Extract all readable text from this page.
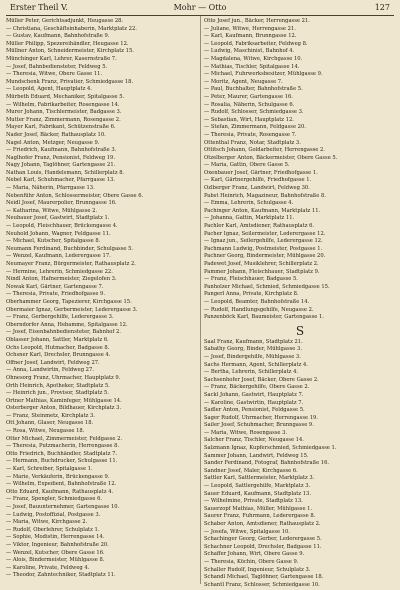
Erster Theil V.	Mohr — Otto	127
Müller Peter, Gerichtsadjunkt, Heugasse 28.
— Christiana, Geschäftsinhaberin, Marktplatz 22.
— Gustav, Kaufmann, Bahnhofstraße 9.
Müller Philipp, Spezereihändler, Heugasse 12.
Müllner Anton, Schneidermeister, Kirchplatz 15.
Münchinger Karl, Lehrer, Kasernstraße 7.
— Josef, Bahnbediensteter, Feldweg 5.
— Theresia, Witwe, Obere Gasse 11.
Mundschenk Franz, Privatier, Schmiedgasse 18.
— Leopold, Agent, Hauptplatz 4.
Mürbeth Eduard, Mechaniker, Spitalgasse 5.
— Wilhelm, Fabrikarbeiter, Rosengasse 14.
Murer Johann, Tischlermeister, Badgasse 3.
Mutter Franz, Zimmermann, Rosengasse 2.
Mayer Karl, Fabrikant, Schützenstraße 6.
Nader Josef, Bäcker, Rathausplatz 10.
Nagel Anton, Metzger, Neugasse 9.
— Friedrich, Kaufmann, Bahnhofstraße 3.
Naglhofer Franz, Pensionist, Feldweg 19.
Nagy Johann, Taglöhner, Gartengasse 21.
Nathan Louis, Handelsmann, Schillerplatz 8.
Nebel Karl, Schuhmacher, Pfarrgasse 13.
— Maria, Näherin, Pfarrgasse 13.
Nebenführ Anton, Schlossermeister, Obere Gasse 6.
Neidl Josef, Maurerpolier, Brunngasse 16.
— Katharina, Witwe, Mühlgasse 2.
Neubauer Josef, Gastwirt, Stadtplatz 1.
— Leopold, Fleischhauer, Brückengasse 4.
Neuhold Johann, Wagner, Feldgasse 11.
— Michael, Kutscher, Spitalgasse 8.
Neumann Ferdinand, Buchbinder, Schulgasse 5.
— Wenzel, Kaufmann, Lederergasse 17.
Neumayer Franz, Bürgermeister, Rathausplatz 2.
— Hermine, Lehrerin, Schmiedgasse 22.
Nindl Anton, Hafnermeister, Ziegelofen 3.
Nowak Karl, Gärtner, Gartengasse 7.
— Theresia, Private, Friedhofgasse 9.
Oberhammer Georg, Tapezierer, Kirchgasse 15.
Obermaier Ignaz, Gerbermeister, Lederergasse 3.
— Franz, Gerbergehilfe, Lederergasse 3.
Oberndorfer Anna, Hebamme, Spitalgasse 12.
— Josef, Eisenbahnbediensteter, Bahnhof 2.
Oblasser Johann, Sattler, Marktplatz 6.
Ochs Leopold, Hutmacher, Badgasse 8.
Ochsner Karl, Drechsler, Brunngasse 4.
Offner Josef, Landwirt, Feldweg 27.
— Anna, Landwirtin, Feldweg 27.
Ohnesorg Franz, Uhrmacher, Hauptplatz 9.
Orth Heinrich, Apotheker, Stadtplatz 5.
— Heinrich jun., Provisor, Stadtplatz 5.
Ortner Mathias, Kaminfeger, Mühlgasse 14.
Osterberger Anton, Bildhauer, Kirchplatz 3.
— Franz, Steinmetz, Kirchplatz 3.
Ott Johann, Glaser, Neugasse 18.
— Rosa, Witwe, Neugasse 18.
Otter Michael, Zimmermeister, Feldgasse 2.
— Theresia, Putzmacherin, Herrengasse 8.
Otto Friedrich, Buchhändler, Stadtplatz 7.
— Hermann, Buchdrucker, Schulgasse 11.
— Karl, Schreiber, Spitalgasse 1.
— Marie, Verkäuferin, Brückengasse 9.
— Wilhelm, Expedient, Bahnhofstraße 12.
Otto Eduard, Kaufmann, Rathausplatz 4.
— Franz, Spengler, Schmiedgasse 6.
— Josef, Bauunternehmer, Gartengasse 10.
— Ludwig, Postoffizial, Postgasse 3.
— Maria, Witwe, Kirchgasse 2.
— Rudolf, Oberlehrer, Schulplatz 1.
— Sophie, Modistin, Herrengasse 14.
— Viktor, Ingenieur, Bahnhofstraße 20.
— Wenzel, Kutscher, Obere Gasse 16.
— Alois, Bindermeister, Mühlgasse 8.
— Karoline, Private, Feldweg 4.
— Theodor, Zahntechniker, Stadtplatz 11.
Otto Josef jun., Bäcker, Herrengasse 21.
— Juliane, Witwe, Herrengasse 21.
— Karl, Kaufmann, Brunngasse 12.
— Leopold, Fabriksarbeiter, Feldweg 8.
— Ludwig, Maschinist, Bahnhof 4.
— Magdalena, Witwe, Kirchgasse 10.
— Mathias, Tischler, Spitalgasse 14.
— Michael, Fuhrwerksbesitzer, Mühlgasse 9.
— Moritz, Agent, Neugasse 7.
— Paul, Buchhalter, Bahnhofstraße 5.
— Peter, Maurer, Gartengasse 16.
— Rosalia, Näherin, Schulgasse 6.
— Rudolf, Schlosser, Schmiedgasse 3.
— Sebastian, Wirt, Hauptplatz 12.
— Stefan, Zimmermann, Feldgasse 20.
— Theresia, Private, Rosengasse 7.
Ottenthal Franz, Notar, Stadtplatz 3.
Ottitsch Johann, Goldarbeiter, Herrengasse 2.
Otzelberger Anton, Bäckermeister, Obere Gasse 5.
— Maria, Gattin, Obere Gasse 5.
Oxenbauer Josef, Gärtner, Friedhofgasse 1.
— Karl, Gärtnergehilfe, Friedhofgasse 1.
Ozlberger Franz, Landwirt, Feldweg 30.
Pabst Heinrich, Magazineur, Bahnhofstraße 8.
— Emma, Lehrerin, Schulgasse 4.
Pachinger Anton, Kaufmann, Marktplatz 11.
— Johanna, Gattin, Marktplatz 11.
Pachler Karl, Amtsdiener, Rathausplatz 6.
Pacher Ignaz, Seilermeister, Lederergasse 12.
— Ignaz jun., Seilergehilfe, Lederergasse 12.
Pachmann Ludwig, Postmeister, Postgasse 1.
Pachner Georg, Bindermeister, Mühlgasse 20.
Padewet Josef, Musiklehrer, Schillerplatz 2.
Pammer Johann, Fleischhauer, Stadtplatz 9.
— Franz, Fleischhauer, Badgasse 5.
Panholzer Michael, Schmied, Schmiedgasse 15.
Pangerl Anna, Private, Kirchplatz 8.
— Leopold, Beamter, Bahnhofstraße 14.
— Rudolf, Handlungsgehilfe, Neugasse 2.
Panzenböck Karl, Baumeister, Gartengasse 1.
S
Saal Franz, Kaufmann, Stadtplatz 21.
Sabathy Georg, Binder, Mühlgasse 3.
— Josef, Bindergehilfe, Mühlgasse 3.
Sachs Hermann, Agent, Schillerplatz 4.
— Bertha, Lehrerin, Schillerplatz 4.
Sachsenhofer Josef, Bäcker, Obere Gasse 2.
— Franz, Bäckergehilfe, Obere Gasse 2.
Sackl Johann, Gastwirt, Hauptplatz 7.
— Karoline, Gastwirtin, Hauptplatz 7.
Sadler Anton, Pensionist, Feldgasse 5.
Sager Rudolf, Uhrmacher, Herrengasse 19.
Sailer Josef, Schuhmacher, Brunngasse 9.
— Maria, Witwe, Rosengasse 3.
Salcher Franz, Tischler, Neugasse 14.
Salzmann Ignaz, Kupferschmied, Schmiedgasse 1.
Sammer Johann, Landwirt, Feldweg 15.
Sander Ferdinand, Fotograf, Bahnhofstraße 16.
Sandner Josef, Maler, Kirchgasse 6.
Sattler Karl, Sattlermeister, Marktplatz 3.
— Leopold, Sattlergehilfe, Marktplatz 3.
Sauer Eduard, Kaufmann, Stadtplatz 13.
— Wilhelmine, Private, Stadtplatz 13.
Sauerzopf Mathias, Müller, Mühlgasse 1.
Saurer Franz, Fuhrmann, Lederergasse 8.
Schaber Anton, Amtsdiener, Rathausplatz 2.
— Josefa, Witwe, Spitalgasse 10.
Schachinger Georg, Gerber, Lederergasse 5.
Schachner Leopold, Drechsler, Badgasse 11.
Schaffer Johann, Wirt, Obere Gasse 9.
— Theresia, Köchin, Obere Gasse 9.
Schaller Rudolf, Ingenieur, Schulplatz 3.
Schandl Michael, Taglöhner, Gartengasse 18.
Schantl Franz, Schlosser, Schmiedgasse 10.
